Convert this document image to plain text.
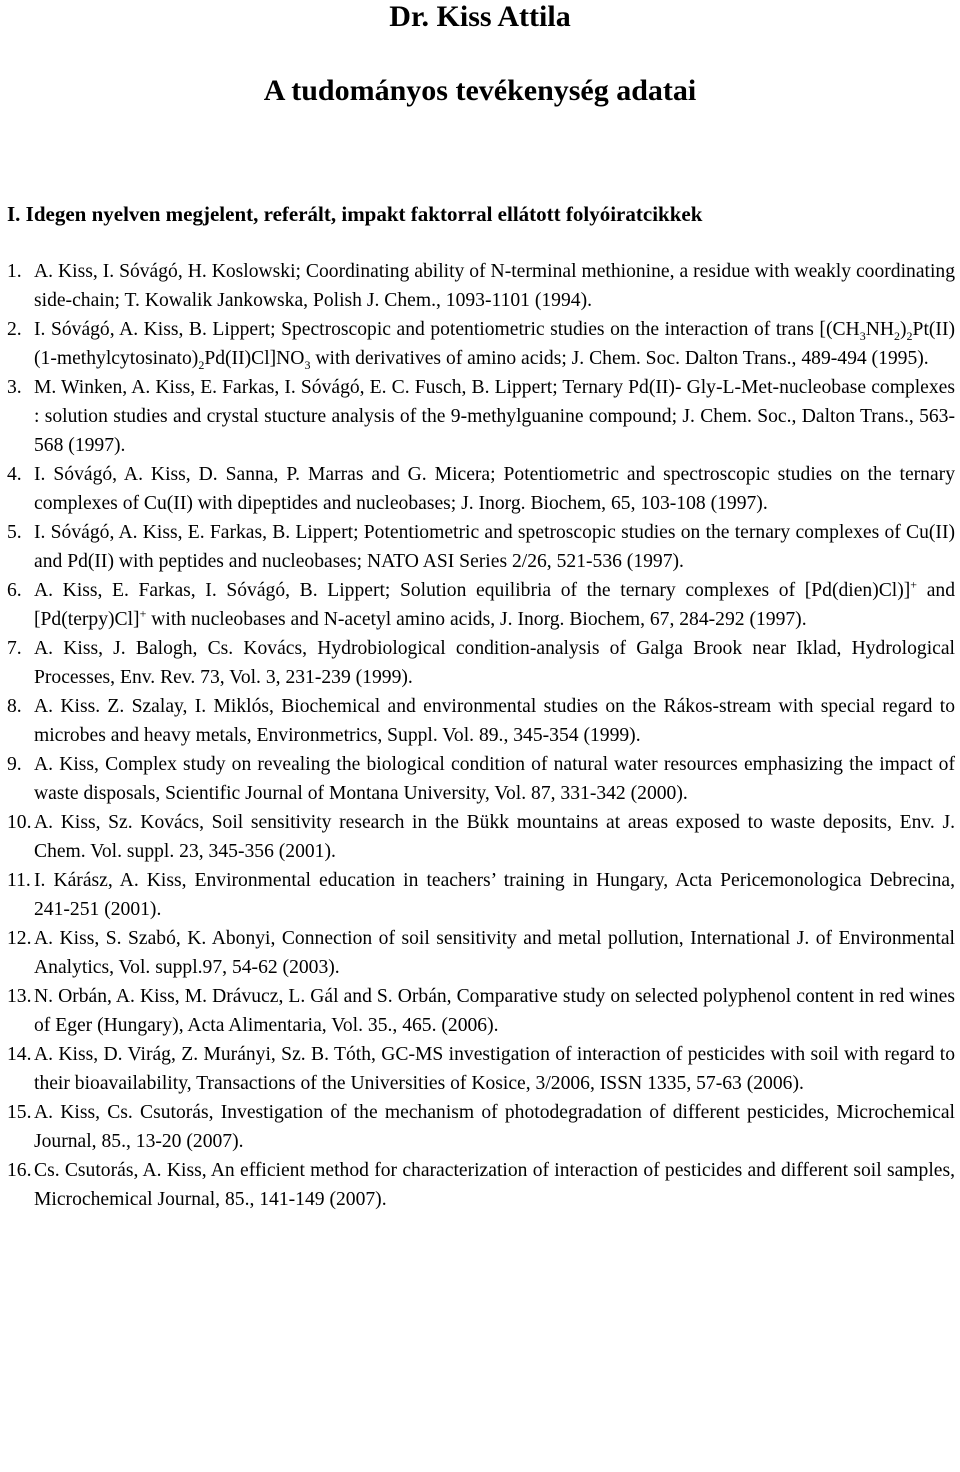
Dr. Kiss Attila
A tudományos tevékenység adatai
I. Idegen nyelven megjelent, referált, impakt faktorral ellátott folyóiratcikkek
1. A. Kiss, I. Sóvágó, H. Koslowski; Coordinating ability of N-terminal methionine, a residue with weakly coordinating side-chain; T. Kowalik Jankowska, Polish J. Chem., 1093-1101 (1994).
2. I. Sóvágó, A. Kiss, B. Lippert; Spectroscopic and potentiometric studies on the interaction of trans $[(CH_3NH_2)_2Pt(II)(1-methylcytosinato)_2Pd(II)Cl]NO_3$ with derivatives of amino acids; J. Chem. Soc. Dalton Trans., 489-494 (1995).
3. M. Winken, A. Kiss, E. Farkas, I. Sóvágó, E. C. Fusch, B. Lippert; Ternary Pd(II)- Gly-L-Met-nucleobase complexes : solution studies and crystal stucture analysis of the 9-methylguanine compound; J. Chem. Soc., Dalton Trans., 563-568 (1997).
4. I. Sóvágó, A. Kiss, D. Sanna, P. Marras and G. Micera; Potentiometric and spectroscopic studies on the ternary complexes of Cu(II) with dipeptides and nucleobases; J. Inorg. Biochem, 65, 103-108 (1997).
5. I. Sóvágó, A. Kiss, E. Farkas, B. Lippert; Potentiometric and spetroscopic studies on the ternary complexes of Cu(II) and Pd(II) with peptides and nucleobases; NATO ASI Series 2/26, 521-536 (1997).
6. A. Kiss, E. Farkas, I. Sóvágó, B. Lippert; Solution equilibria of the ternary complexes of [Pd(dien)Cl)]+ and [Pd(terpy)Cl]+ with nucleobases and N-acetyl amino acids, J. Inorg. Biochem, 67, 284-292 (1997).
7. A. Kiss, J. Balogh, Cs. Kovács, Hydrobiological condition-analysis of Galga Brook near Iklad, Hydrological Processes, Env. Rev. 73, Vol. 3, 231-239 (1999).
8. A. Kiss. Z. Szalay, I. Miklós, Biochemical and environmental studies on the Rákos-stream with special regard to microbes and heavy metals, Environmetrics, Suppl. Vol. 89., 345-354 (1999).
9. A. Kiss, Complex study on revealing the biological condition of natural water resources emphasizing the impact of waste disposals, Scientific Journal of Montana University, Vol. 87, 331-342 (2000).
10. A. Kiss, Sz. Kovács, Soil sensitivity research in the Bükk mountains at areas exposed to waste deposits, Env. J. Chem. Vol. suppl. 23, 345-356 (2001).
11. I. Kárász, A. Kiss, Environmental education in teachers’ training in Hungary, Acta Pericemonologica Debrecina, 241-251 (2001).
12. A. Kiss, S. Szabó, K. Abonyi, Connection of soil sensitivity and metal pollution, International J. of Environmental Analytics, Vol. suppl.97, 54-62 (2003).
13. N. Orbán, A. Kiss, M. Drávucz, L. Gál and S. Orbán, Comparative study on selected polyphenol content in red wines of Eger (Hungary), Acta Alimentaria, Vol. 35., 465. (2006).
14. A. Kiss, D. Virág, Z. Murányi, Sz. B. Tóth, GC-MS investigation of interaction of pesticides with soil with regard to their bioavailability, Transactions of the Universities of Kosice, 3/2006, ISSN 1335, 57-63 (2006).
15. A. Kiss, Cs. Csutorás, Investigation of the mechanism of photodegradation of different pesticides, Microchemical Journal, 85., 13-20 (2007).
16. Cs. Csutorás, A. Kiss, An efficient method for characterization of interaction of pesticides and different soil samples, Microchemical Journal, 85., 141-149 (2007).
